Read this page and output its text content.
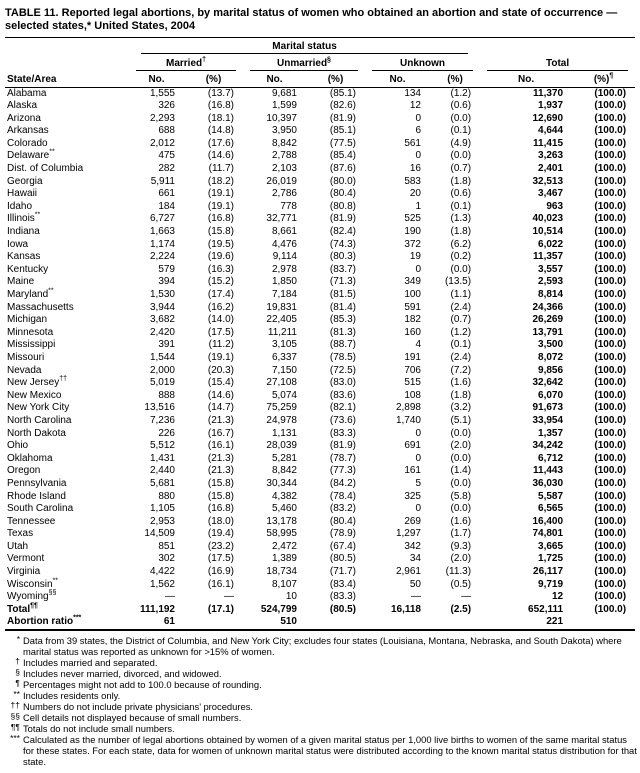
TABLE 11. Reported legal abortions, by marital status of women who obtained an abortion and state of occurrence — selected states,* United States, 2004

	Marital status							

	Married†		Unmarried§		Unknown		Total	

State/Area	No.	(%)	No.	(%)	No.	(%)	No.	(%)¶
Alabama	1,555	(13.7)	9,681	(85.1)	134	(1.2)	11,370	(100.0)
Alaska	326	(16.8)	1,599	(82.6)	12	(0.6)	1,937	(100.0)
Arizona	2,293	(18.1)	10,397	(81.9)	0	(0.0)	12,690	(100.0)
Arkansas	688	(14.8)	3,950	(85.1)	6	(0.1)	4,644	(100.0)
Colorado	2,012	(17.6)	8,842	(77.5)	561	(4.9)	11,415	(100.0)
Delaware**	475	(14.6)	2,788	(85.4)	0	(0.0)	3,263	(100.0)
Dist. of Columbia	282	(11.7)	2,103	(87.6)	16	(0.7)	2,401	(100.0)
Georgia	5,911	(18.2)	26,019	(80.0)	583	(1.8)	32,513	(100.0)
Hawaii	661	(19.1)	2,786	(80.4)	20	(0.6)	3,467	(100.0)
Idaho	184	(19.1)	778	(80.8)	1	(0.1)	963	(100.0)
Illinois**	6,727	(16.8)	32,771	(81.9)	525	(1.3)	40,023	(100.0)
Indiana	1,663	(15.8)	8,661	(82.4)	190	(1.8)	10,514	(100.0)
Iowa	1,174	(19.5)	4,476	(74.3)	372	(6.2)	6,022	(100.0)
Kansas	2,224	(19.6)	9,114	(80.3)	19	(0.2)	11,357	(100.0)
Kentucky	579	(16.3)	2,978	(83.7)	0	(0.0)	3,557	(100.0)
Maine	394	(15.2)	1,850	(71.3)	349	(13.5)	2,593	(100.0)
Maryland**	1,530	(17.4)	7,184	(81.5)	100	(1.1)	8,814	(100.0)
Massachusetts	3,944	(16.2)	19,831	(81.4)	591	(2.4)	24,366	(100.0)
Michigan	3,682	(14.0)	22,405	(85.3)	182	(0.7)	26,269	(100.0)
Minnesota	2,420	(17.5)	11,211	(81.3)	160	(1.2)	13,791	(100.0)
Mississippi	391	(11.2)	3,105	(88.7)	4	(0.1)	3,500	(100.0)
Missouri	1,544	(19.1)	6,337	(78.5)	191	(2.4)	8,072	(100.0)
Nevada	2,000	(20.3)	7,150	(72.5)	706	(7.2)	9,856	(100.0)
New Jersey††	5,019	(15.4)	27,108	(83.0)	515	(1.6)	32,642	(100.0)
New Mexico	888	(14.6)	5,074	(83.6)	108	(1.8)	6,070	(100.0)
New York City	13,516	(14.7)	75,259	(82.1)	2,898	(3.2)	91,673	(100.0)
North Carolina	7,236	(21.3)	24,978	(73.6)	1,740	(5.1)	33,954	(100.0)
North Dakota	226	(16.7)	1,131	(83.3)	0	(0.0)	1,357	(100.0)
Ohio	5,512	(16.1)	28,039	(81.9)	691	(2.0)	34,242	(100.0)
Oklahoma	1,431	(21.3)	5,281	(78.7)	0	(0.0)	6,712	(100.0)
Oregon	2,440	(21.3)	8,842	(77.3)	161	(1.4)	11,443	(100.0)
Pennsylvania	5,681	(15.8)	30,344	(84.2)	5	(0.0)	36,030	(100.0)
Rhode Island	880	(15.8)	4,382	(78.4)	325	(5.8)	5,587	(100.0)
South Carolina	1,105	(16.8)	5,460	(83.2)	0	(0.0)	6,565	(100.0)
Tennessee	2,953	(18.0)	13,178	(80.4)	269	(1.6)	16,400	(100.0)
Texas	14,509	(19.4)	58,995	(78.9)	1,297	(1.7)	74,801	(100.0)
Utah	851	(23.2)	2,472	(67.4)	342	(9.3)	3,665	(100.0)
Vermont	302	(17.5)	1,389	(80.5)	34	(2.0)	1,725	(100.0)
Virginia	4,422	(16.9)	18,734	(71.7)	2,961	(11.3)	26,117	(100.0)
Wisconsin**	1,562	(16.1)	8,107	(83.4)	50	(0.5)	9,719	(100.0)
Wyoming§§	—	—	10	(83.3)	—	—	12	(100.0)
Total¶¶	111,192	(17.1)	524,799	(80.5)	16,118	(2.5)	652,111	(100.0)
Abortion ratio***	61		510				221	
* Data from 39 states, the District of Columbia, and New York City; excludes four states (Louisiana, Montana, Nebraska, and South Dakota) where marital status was reported as unknown for >15% of women.
† Includes married and separated.
§ Includes never married, divorced, and widowed.
¶ Percentages might not add to 100.0 because of rounding.
** Includes residents only.
†† Numbers do not include private physicians’ procedures.
§§ Cell details not displayed because of small numbers.
¶¶ Totals do not include small numbers.
*** Calculated as the number of legal abortions obtained by women of a given marital status per 1,000 live births to women of the same marital status for these states. For each state, data for women of unknown marital status were distributed according to the known marital status distribution for that state.
